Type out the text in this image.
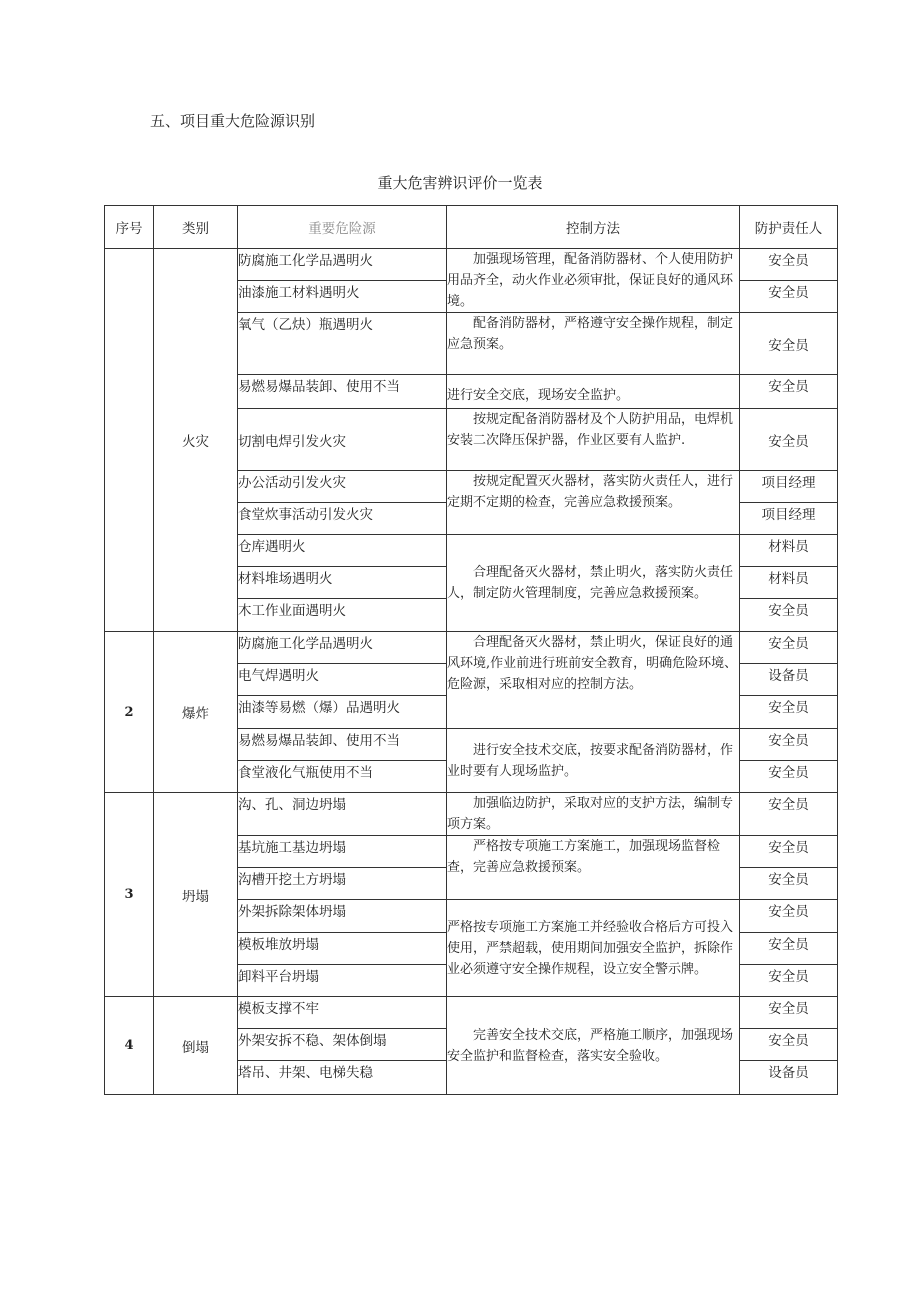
五、项目重大危险源识别
重大危害辨识评价一览表
序号	类别	重要危险源	控制方法	防护责任人
	火灾	防腐施工化学品遇明火	加强现场管理，配备消防器材、个人使用防护用品齐全，动火作业必须审批，保证良好的通风环境。	安全员
		油漆施工材料遇明火		安全员
		氧气（乙炔）瓶遇明火	配备消防器材，严格遵守安全操作规程，制定应急预案。	安全员
		易燃易爆品装卸、使用不当	进行安全交底，现场安全监护。	安全员
		切割电焊引发火灾	按规定配备消防器材及个人防护用品，电焊机安装二次降压保护器，作业区要有人监护.	安全员
		办公活动引发火灾	按规定配置灭火器材，落实防火责任人，进行定期不定期的检查，完善应急救援预案。	项目经理
		食堂炊事活动引发火灾		项目经理
		仓库遇明火	合理配备灭火器材，禁止明火，落实防火责任人，制定防火管理制度，完善应急救援预案。	材料员
		材料堆场遇明火		材料员
		木工作业面遇明火		安全员
2	爆炸	防腐施工化学品遇明火	合理配备灭火器材，禁止明火，保证良好的通风环境,作业前进行班前安全教育，明确危险环境、危险源，采取相对应的控制方法。	安全员
		电气焊遇明火		设备员
		油漆等易燃（爆）品遇明火		安全员
		易燃易爆品装卸、使用不当	进行安全技术交底，按要求配备消防器材，作业时要有人现场监护。	安全员
		食堂液化气瓶使用不当		安全员
3	坍塌	沟、孔、洞边坍塌	加强临边防护，采取对应的支护方法，编制专项方案。	安全员
		基坑施工基边坍塌	严格按专项施工方案施工，加强现场监督检查，完善应急救援预案。	安全员
		沟槽开挖土方坍塌		安全员
		外架拆除架体坍塌	严格按专项施工方案施工并经验收合格后方可投入使用，严禁超载，使用期间加强安全监护，拆除作业必须遵守安全操作规程，设立安全警示牌。	安全员
		模板堆放坍塌		安全员
		卸料平台坍塌		安全员
4	倒塌	模板支撑不牢	完善安全技术交底，严格施工顺序，加强现场安全监护和监督检查，落实安全验收。	安全员
		外架安拆不稳、架体倒塌		安全员
		塔吊、井架、电梯失稳		设备员
